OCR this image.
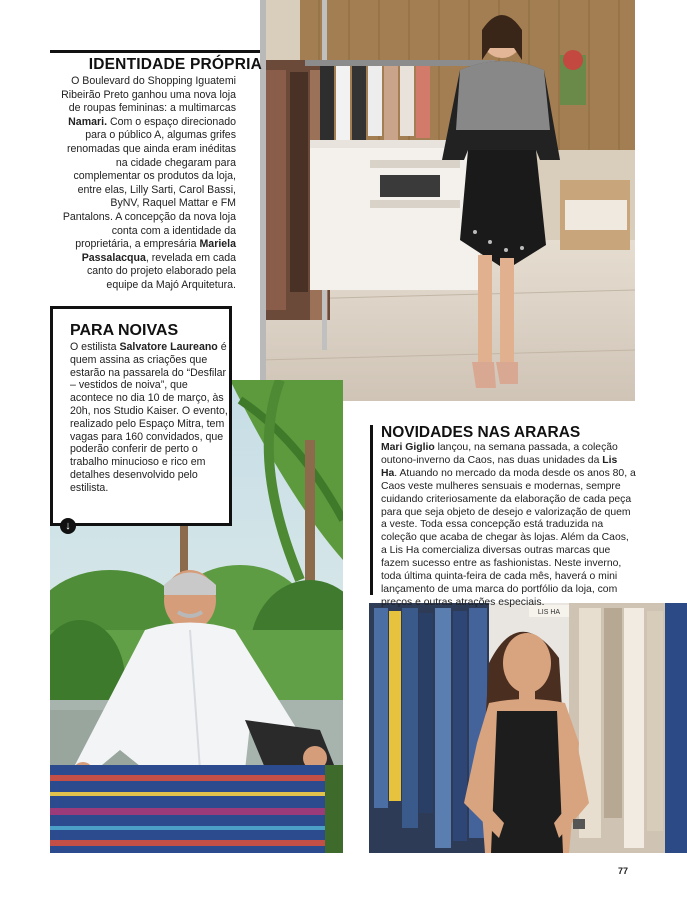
LIS HA
IDENTIDADE PRÓPRIA
O Boulevard do Shopping Iguatemi Ribeirão Preto ganhou uma nova loja de roupas femininas: a multimarcas Namari. Com o espaço direcionado para o público A, algumas grifes renomadas que ainda eram inéditas na cidade chegaram para complementar os produtos da loja, entre elas, Lilly Sarti, Carol Bassi, ByNV, Raquel Mattar e FM Pantalons. A concepção da nova loja conta com a identidade da proprietária, a empresária Mariela Passalacqua, revelada em cada canto do projeto elaborado pela equipe da Majó Arquitetura.
PARA NOIVAS
O estilista Salvatore Laureano é quem assina as criações que estarão na passarela do “Desfilar – vestidos de noiva”, que acontece no dia 10 de março, às 20h, nos Studio Kaiser. O evento, realizado pelo Espaço Mitra, tem vagas para 160 convidados, que poderão conferir de perto o trabalho minucioso e rico em detalhes desenvolvido pelo estilista.
↓
NOVIDADES NAS ARARAS
Mari Giglio lançou, na semana passada, a coleção outono-inverno da Caos, nas duas unidades da Lis Ha. Atuando no mercado da moda desde os anos 80, a Caos veste mulheres sensuais e modernas, sempre cuidando criteriosamente da elaboração de cada peça para que seja objeto de desejo e valorização de quem a veste. Toda essa concepção está traduzida na coleção que acaba de chegar às lojas. Além da Caos, a Lis Ha comercializa diversas outras marcas que fazem sucesso entre as fashionistas. Neste inverno, toda última quinta-feira de cada mês, haverá o mini lançamento de uma marca do portfólio da loja, com preços e outras atrações especiais.
77
